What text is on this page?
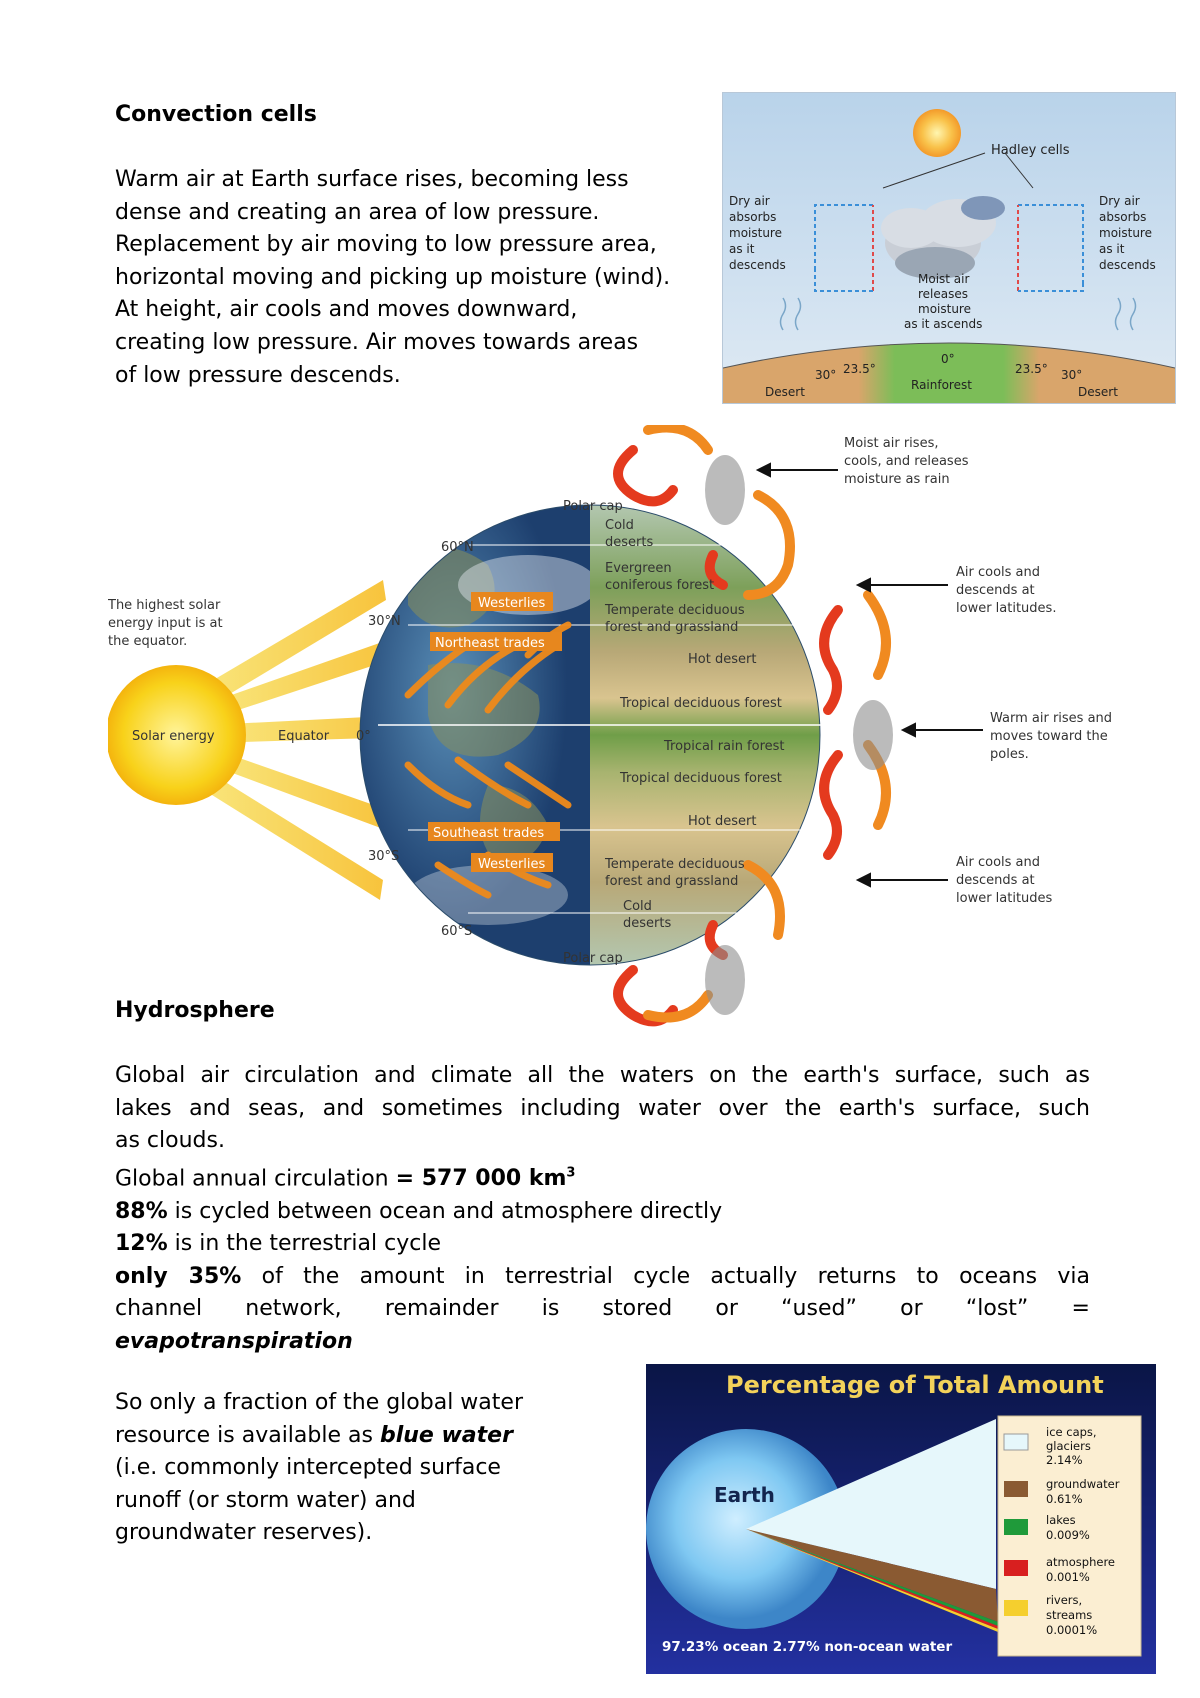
Convection cells

Warm air at Earth surface rises, becoming less

dense and creating an area of low pressure.

Replacement by air moving to low pressure area,

horizontal moving and picking up moisture (wind).

At height, air cools and moves downward,

creating low pressure. Air moves towards areas

of low pressure descends.

Hadley cells
Dry air
absorbs
moisture
as it
descends
Dry air
absorbs
moisture
as it
descends
Moist air
releases
moisture
as it ascends
30° 23.5°
0°
23.5° 30°
Desert	Rainforest	Desert
Westerlies
Northeast trades
Southeast trades
Westerlies
The highest solar
energy input is at
the equator.
Solar energy	Equator 0°
60°N
30°N
30°S
60°S
Polar cap
Polar cap
Cold
deserts
Evergreen
coniferous forest
Temperate deciduous
forest and grassland
Hot desert
Tropical deciduous forest
Tropical rain forest
Tropical deciduous forest
Hot desert
Temperate deciduous
forest and grassland
Cold
deserts
Moist air rises,
cools, and releases
moisture as rain
Air cools and
descends at
lower latitudes.
Warm air rises and
moves toward the
poles.
Air cools and
descends at
lower latitudes
Hydrosphere

Global air circulation and climate all the waters on the earth's surface, such as

lakes and seas, and sometimes including water over the earth's surface, such

as clouds.

Global annual circulation = 577 000 $km^3$

88% is cycled between ocean and atmosphere directly

12% is in the terrestrial cycle

only 35% of the amount in terrestrial cycle actually returns to oceans via

channel network, remainder is stored or “used” or “lost” =

evapotranspiration

So only a fraction of the global water

resource is available as blue water

(i.e. commonly intercepted surface

runoff (or storm water) and

groundwater reserves).

Percentage of Total Amount
Earth
ice caps,
glaciers
2.14%
groundwater
0.61%
lakes
0.009%
atmosphere
0.001%
rivers,
streams
0.0001%
97.23% ocean 2.77% non-ocean water
